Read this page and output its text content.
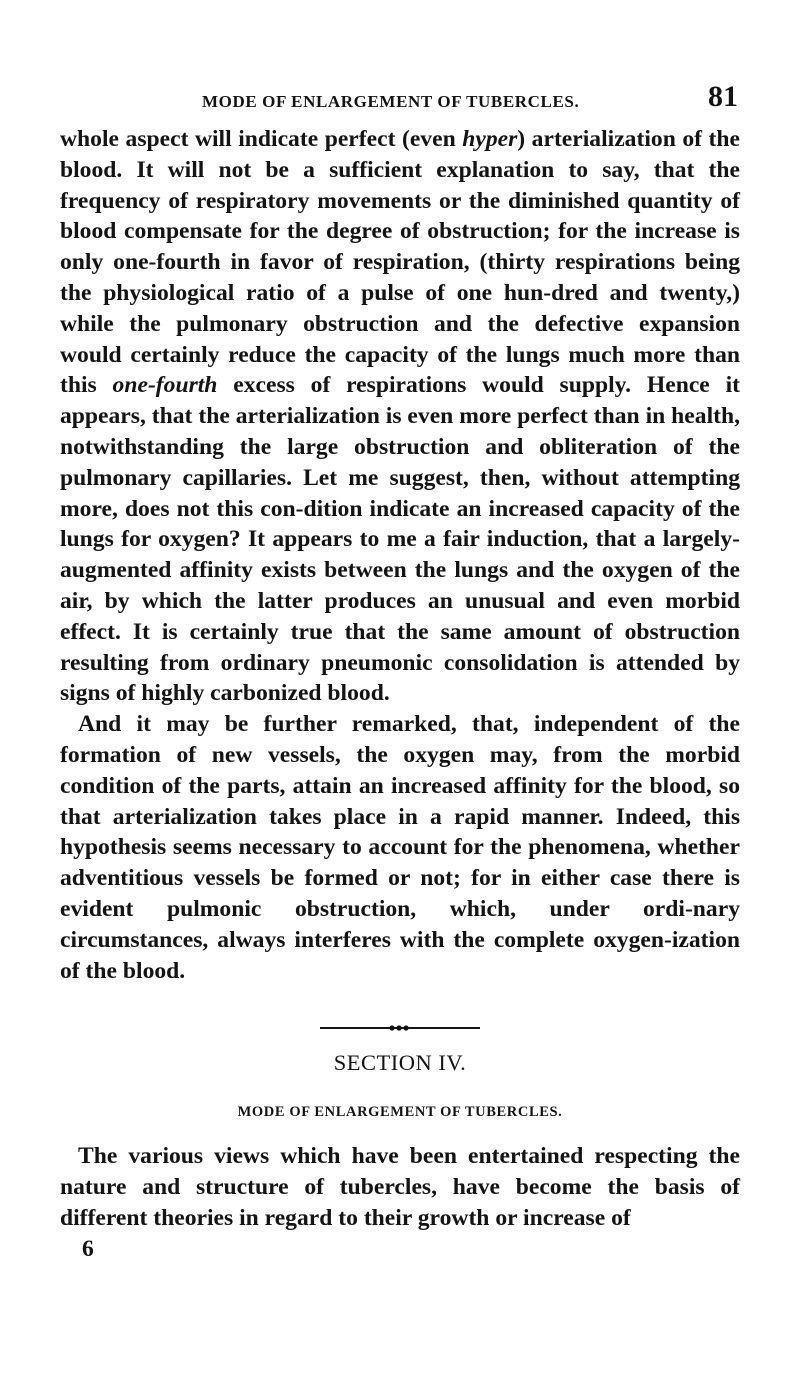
MODE OF ENLARGEMENT OF TUBERCLES.	81

whole aspect will indicate perfect (even hyper) arterialization of the blood. It will not be a sufficient explanation to say, that the frequency of respiratory movements or the diminished quantity of blood compensate for the degree of obstruction; for the increase is only one-fourth in favor of respiration, (thirty respirations being the physiological ratio of a pulse of one hun-dred and twenty,) while the pulmonary obstruction and the defective expansion would certainly reduce the capacity of the lungs much more than this one-fourth excess of respirations would supply. Hence it appears, that the arterialization is even more perfect than in health, notwithstanding the large obstruction and obliteration of the pulmonary capillaries. Let me suggest, then, without attempting more, does not this con-dition indicate an increased capacity of the lungs for oxygen? It appears to me a fair induction, that a largely-augmented affinity exists between the lungs and the oxygen of the air, by which the latter produces an unusual and even morbid effect. It is certainly true that the same amount of obstruction resulting from ordinary pneumonic consolidation is attended by signs of highly carbonized blood.

And it may be further remarked, that, independent of the formation of new vessels, the oxygen may, from the morbid condition of the parts, attain an increased affinity for the blood, so that arterialization takes place in a rapid manner. Indeed, this hypothesis seems necessary to account for the phenomena, whether adventitious vessels be formed or not; for in either case there is evident pulmonic obstruction, which, under ordi-nary circumstances, always interferes with the complete oxygen-ization of the blood.

SECTION IV.
MODE OF ENLARGEMENT OF TUBERCLES.

The various views which have been entertained respecting the nature and structure of tubercles, have become the basis of different theories in regard to their growth or increase of

6
